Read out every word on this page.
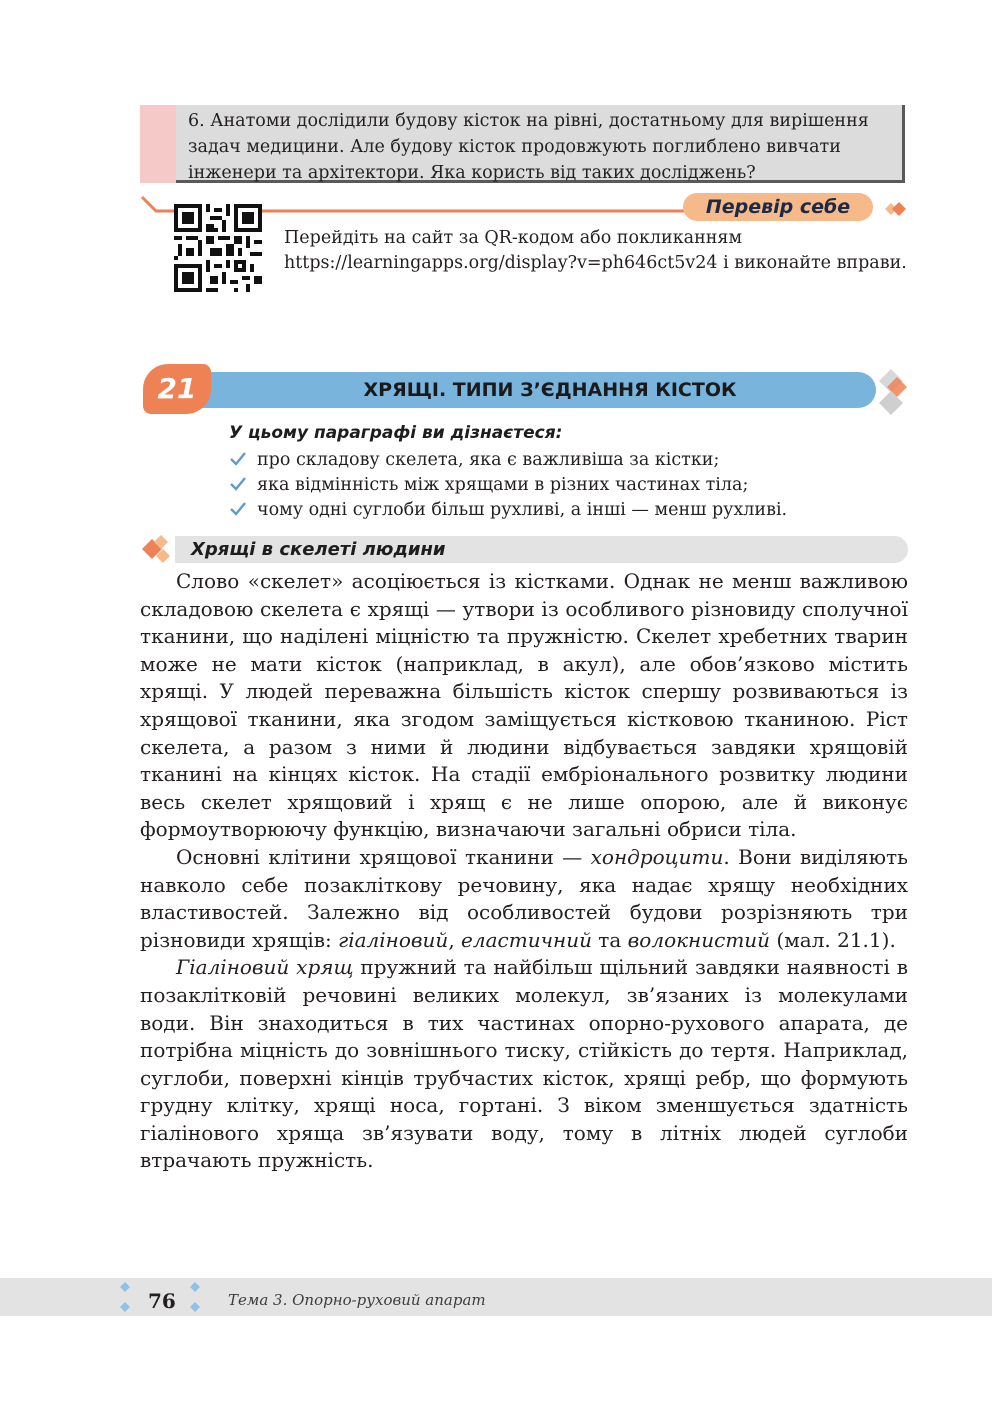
6. Анатоми дослідили будову кісток на рівні, достатньому для вирішення задач медицини. Але будову кісток продовжують поглиблено вивчати інженери та архітектори. Яка користь від таких досліджень?
Перевір себе
Перейдіть на сайт за QR-кодом або покликанням https://learningapps.org/display?v=ph646ct5v24 і виконайте вправи.
21	ХРЯЩІ. ТИПИ З’ЄДНАННЯ КІСТОК
У цьому параграфі ви дізнаєтеся:
про складову скелета, яка є важливіша за кістки;
яка відмінність між хрящами в різних частинах тіла;
чому одні суглоби більш рухливі, а інші — менш рухливі.
Хрящі в скелеті людини

Слово «скелет» асоціюється із кістками. Однак не менш важливою складовою скелета є хрящі — утвори із особливого різновиду сполучної тканини, що наділені міцністю та пружністю. Скелет хребетних тварин може не мати кісток (наприклад, в акул), але обов’язково містить хрящі. У людей переважна більшість кісток спершу розвиваються із хрящової тканини, яка згодом заміщується кістковою тканиною. Ріст скелета, а разом з ними й людини відбувається завдяки хрящовій тканині на кінцях кісток. На стадії ембріонального розвитку людини весь скелет хрящовий і хрящ є не лише опорою, але й виконує формоутворюючу функцію, визначаючи загальні обриси тіла.

Основні клітини хрящової тканини — хондроцити. Вони виділяють навколо себе позаклітковy речовину, яка надає хрящу необхідних властивостей. Залежно від особливостей будови розрізняють три різновиди хрящів: гіаліновий, еластичний та волокнистий (мал. 21.1).

Гіаліновий хрящ пружний та найбільш щільний завдяки наявності в позаклітковій речовині великих молекул, зв’язаних із молекулами води. Він знаходиться в тих частинах опорно-рухового апарата, де потрібна міцність до зовнішнього тиску, стійкість до тертя. Наприклад, суглоби, поверхні кінців трубчастих кісток, хрящі ребр, що формують грудну клітку, хрящі носа, гортані. З віком зменшується здатність гіалінового хряща зв’язувати воду, тому в літніх людей суглоби втрачають пружність.

76	Тема 3. Опорно-руховий апарат
